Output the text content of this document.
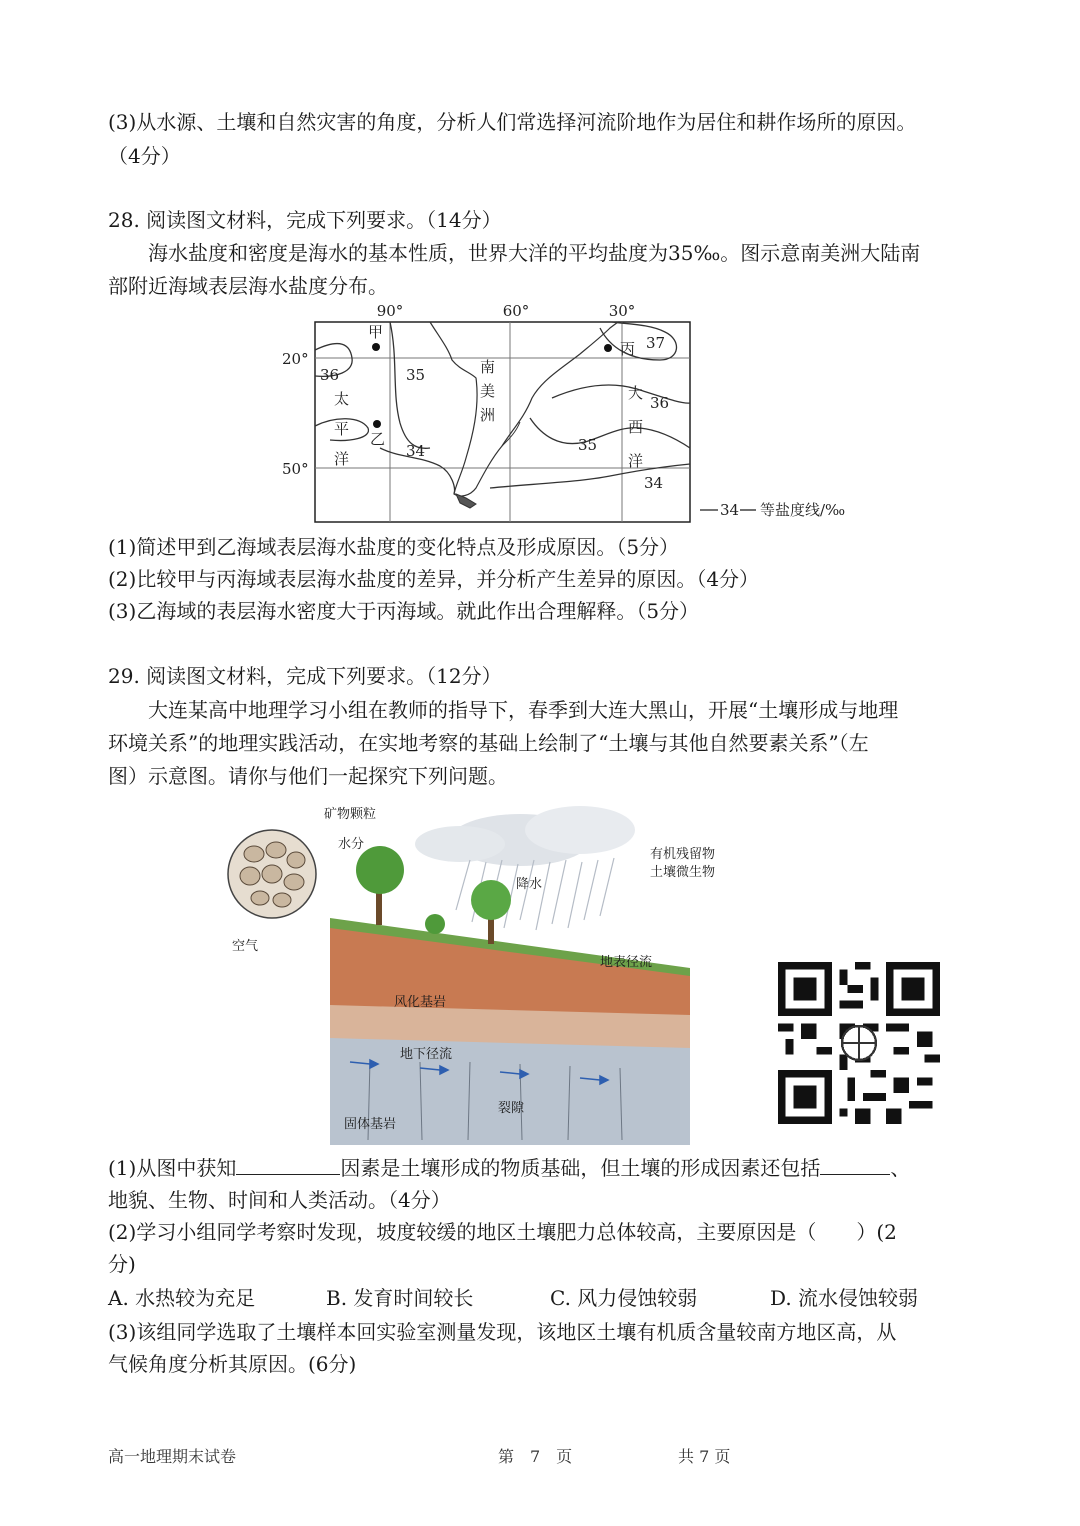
(3)从水源、土壤和自然灾害的角度，分析人们常选择河流阶地作为居住和耕作场所的原因。
（4分）
28. 阅读图文材料，完成下列要求。（14分）
海水盐度和密度是海水的基本性质，世界大洋的平均盐度为35‰。图示意南美洲大陆南
部附近海域表层海水盐度分布。
90°	60°	30°
20°
50°
甲
乙
丙
南
美
洲
太
平
洋
大
西
洋
37
36	35
36
34	35
34
34 等盐度线/‰
(1)简述甲到乙海域表层海水盐度的变化特点及形成原因。（5分）
(2)比较甲与丙海域表层海水盐度的差异，并分析产生差异的原因。（4分）
(3)乙海域的表层海水密度大于丙海域。就此作出合理解释。（5分）
29. 阅读图文材料，完成下列要求。（12分）
大连某高中地理学习小组在教师的指导下，春季到大连大黑山，开展“土壤形成与地理
环境关系”的地理实践活动，在实地考察的基础上绘制了“土壤与其他自然要素关系”（左
图）示意图。请你与他们一起探究下列问题。
矿物颗粒
水分
空气
降水
有机残留物
土壤微生物
地表径流
风化基岩
地下径流
裂隙
固体基岩
(1)从图中获知	因素是土壤形成的物质基础，但土壤的形成因素还包括	、
地貌、生物、时间和人类活动。（4分）
(2)学习小组同学考察时发现，坡度较缓的地区土壤肥力总体较高，主要原因是（　　）(2
分)
A. 水热较为充足	B. 发育时间较长	C. 风力侵蚀较弱	D. 流水侵蚀较弱
(3)该组同学选取了土壤样本回实验室测量发现，该地区土壤有机质含量较南方地区高，从
气候角度分析其原因。(6分)
高一地理期末试卷	第　7　页	共 7 页
